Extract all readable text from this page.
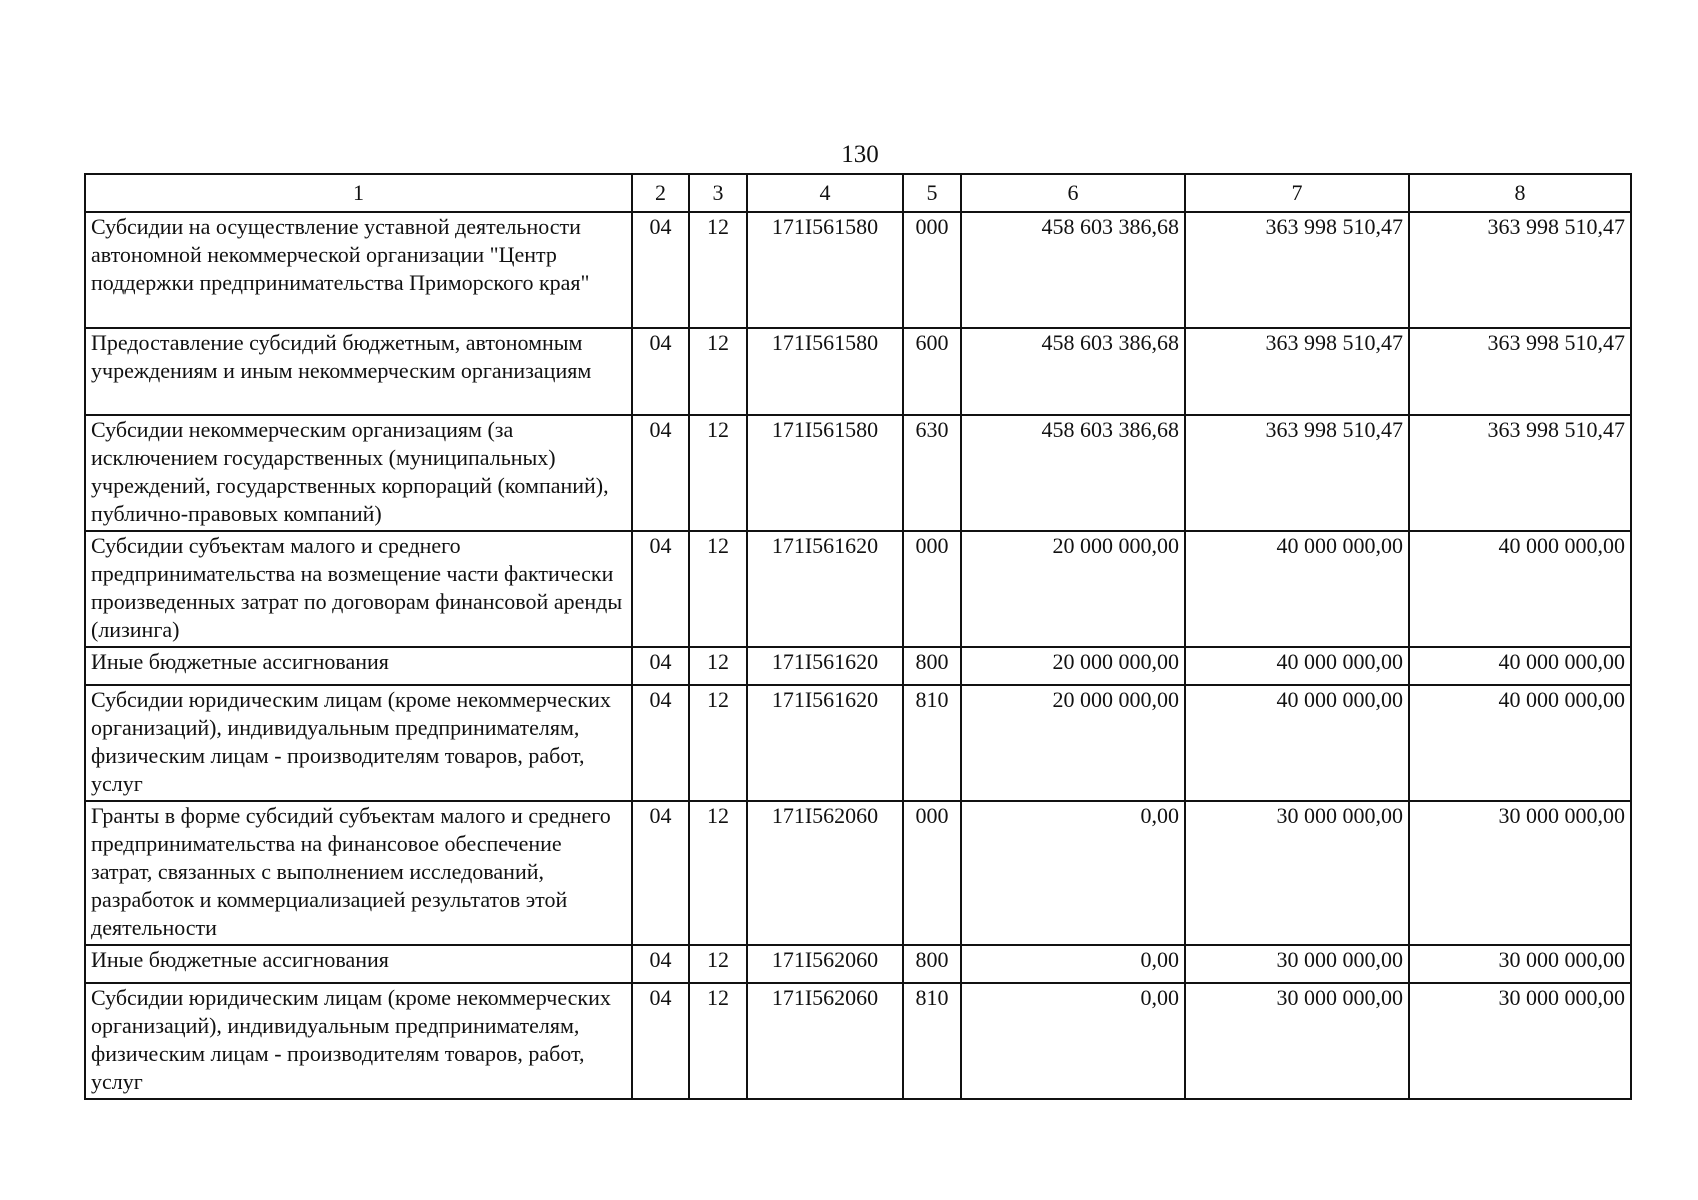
130
1	2	3	4	5	6	7	8
Субсидии на осуществление уставной деятельности автономной некоммерческой организации "Центр поддержки предпринимательства Приморского края"	04	12	171I561580	000	458 603 386,68	363 998 510,47	363 998 510,47
Предоставление субсидий бюджетным, автономным учреждениям и иным некоммерческим организациям	04	12	171I561580	600	458 603 386,68	363 998 510,47	363 998 510,47
Субсидии некоммерческим организациям (за исключением государственных (муниципальных) учреждений, государственных корпораций (компаний), публично-правовых компаний)	04	12	171I561580	630	458 603 386,68	363 998 510,47	363 998 510,47
Субсидии субъектам малого и среднего предпринимательства на возмещение части фактически произведенных затрат по договорам финансовой аренды (лизинга)	04	12	171I561620	000	20 000 000,00	40 000 000,00	40 000 000,00
Иные бюджетные ассигнования	04	12	171I561620	800	20 000 000,00	40 000 000,00	40 000 000,00
Субсидии юридическим лицам (кроме некоммерческих организаций), индивидуальным предпринимателям, физическим лицам - производителям товаров, работ, услуг	04	12	171I561620	810	20 000 000,00	40 000 000,00	40 000 000,00
Гранты в форме субсидий субъектам малого и среднего предпринимательства на финансовое обеспечение затрат, связанных с выполнением исследований, разработок и коммерциализацией результатов этой деятельности	04	12	171I562060	000	0,00	30 000 000,00	30 000 000,00
Иные бюджетные ассигнования	04	12	171I562060	800	0,00	30 000 000,00	30 000 000,00
Субсидии юридическим лицам (кроме некоммерческих организаций), индивидуальным предпринимателям, физическим лицам - производителям товаров, работ, услуг	04	12	171I562060	810	0,00	30 000 000,00	30 000 000,00
